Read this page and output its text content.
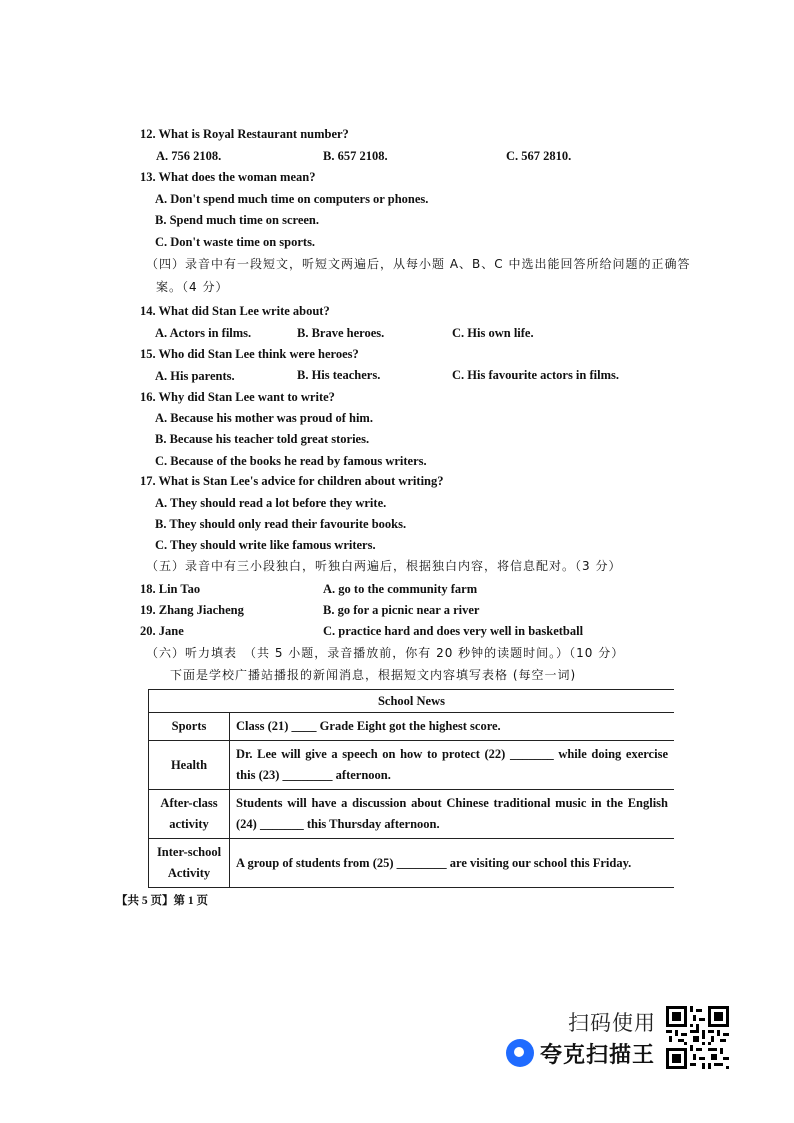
12. What is Royal Restaurant number?
A. 756 2108.	B. 657 2108.	C. 567 2810.
13. What does the woman mean?
A. Don't spend much time on computers or phones.
B. Spend much time on screen.
C. Don't waste time on sports.
（四）录音中有一段短文，听短文两遍后，从每小题 A、B、C 中选出能回答所给问题的正确答
案。（4 分）
14. What did Stan Lee write about?
A. Actors in films.	B. Brave heroes.	C. His own life.
15. Who did Stan Lee think were heroes?
A. His parents.	B. His teachers.	C. His favourite actors in films.
16. Why did Stan Lee want to write?
A. Because his mother was proud of him.
B. Because his teacher told great stories.
C. Because of the books he read by famous writers.
17. What is Stan Lee's advice for children about writing?
A. They should read a lot before they write.
B. They should only read their favourite books.
C. They should write like famous writers.
（五）录音中有三小段独白，听独白两遍后，根据独白内容，将信息配对。（3 分）
18. Lin Tao	A. go to the community farm
19. Zhang Jiacheng	B. go for a picnic near a river
20. Jane	C. practice hard and does very well in basketball
（六）听力填表　（共 5 小题，录音播放前，你有 20 秒钟的读题时间。）（10 分）
下面是学校广播站播报的新闻消息，根据短文内容填写表格 (每空一词)
School News	
Sports	Class (21) ____ Grade Eight got the highest score.
Health	Dr. Lee will give a speech on how to protect (22) _______ while doing exercise this (23) ________ afternoon.
After-class activity	Students will have a discussion about Chinese traditional music in the English (24) _______ this Thursday afternoon.
Inter-school Activity	A group of students from (25) ________ are visiting our school this Friday.
【共 5 页】第 1 页
扫码使用
夸克扫描王
